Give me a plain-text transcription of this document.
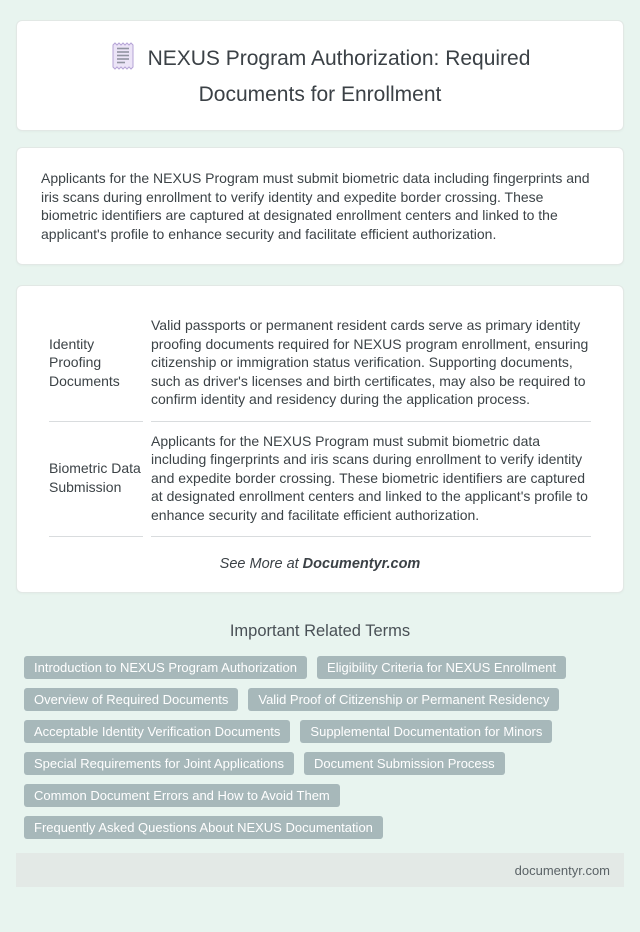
NEXUS Program Authorization: Required
Documents for Enrollment

Applicants for the NEXUS Program must submit biometric data including fingerprints and iris scans during enrollment to verify identity and expedite border crossing. These biometric identifiers are captured at designated enrollment centers and linked to the applicant's profile to enhance security and facilitate efficient authorization.

Identity Proofing Documents	Valid passports or permanent resident cards serve as primary identity proofing documents required for NEXUS program enrollment, ensuring citizenship or immigration status verification. Supporting documents, such as driver's licenses and birth certificates, may also be required to confirm identity and residency during the application process.
Biometric Data Submission	Applicants for the NEXUS Program must submit biometric data including fingerprints and iris scans during enrollment to verify identity and expedite border crossing. These biometric identifiers are captured at designated enrollment centers and linked to the applicant's profile to enhance security and facilitate efficient authorization.
See More at Documentyr.com
Important Related Terms
Introduction to NEXUS Program Authorization	Eligibility Criteria for NEXUS Enrollment
Overview of Required Documents	Valid Proof of Citizenship or Permanent Residency
Acceptable Identity Verification Documents	Supplemental Documentation for Minors
Special Requirements for Joint Applications	Document Submission Process
Common Document Errors and How to Avoid Them
Frequently Asked Questions About NEXUS Documentation
documentyr.com
